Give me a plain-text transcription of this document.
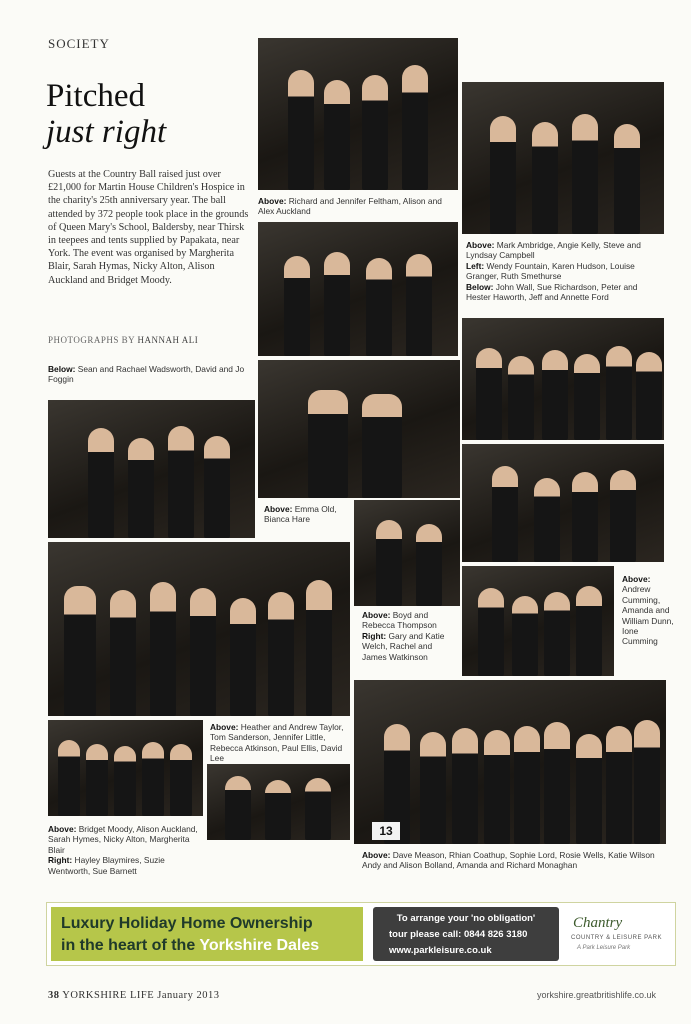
SOCIETY
Pitched
just right
Guests at the Country Ball raised just over £21,000 for Martin House Children's Hospice in the charity's 25th anniversary year. The ball attended by 372 people took place in the grounds of Queen Mary's School, Baldersby, near Thirsk in teepees and tents supplied by Papakata, near York. The event was organised by Margherita Blair, Sarah Hymas, Nicky Alton, Alison Auckland and Bridget Moody.
PHOTOGRAPHS BY HANNAH ALI
Above: Richard and Jennifer Feltham, Alison and Alex Auckland
Above: Mark Ambridge, Angie Kelly, Steve and Lyndsay Campbell
Left: Wendy Fountain, Karen Hudson, Louise Granger, Ruth Smethurse
Below: John Wall, Sue Richardson, Peter and Hester Haworth, Jeff and Annette Ford
Below: Sean and Rachael Wadsworth, David and Jo Foggin
Above: Emma Old, Bianca Hare
Above: Boyd and Rebecca Thompson
Right: Gary and Katie Welch, Rachel and James Watkinson
Above: Andrew Cumming, Amanda and William Dunn, Ione Cumming
Above: Heather and Andrew Taylor, Tom Sanderson, Jennifer Little, Rebecca Atkinson, Paul Ellis, David Lee
Above: Bridget Moody, Alison Auckland, Sarah Hymes, Nicky Alton, Margherita Blair
Right: Hayley Blaymires, Suzie Wentworth, Sue Barnett
13
Above: Dave Meason, Rhian Coathup, Sophie Lord, Rosie Wells, Katie Wilson Andy and Alison Bolland, Amanda and Richard Monaghan
Luxury Holiday Home Ownership
in the heart of the Yorkshire Dales
To arrange your 'no obligation'
tour please call: 0844 826 3180
www.parkleisure.co.uk
Chantry
COUNTRY & LEISURE PARK
A Park Leisure Park
38 YORKSHIRE LIFE January 2013	yorkshire.greatbritishlife.co.uk
